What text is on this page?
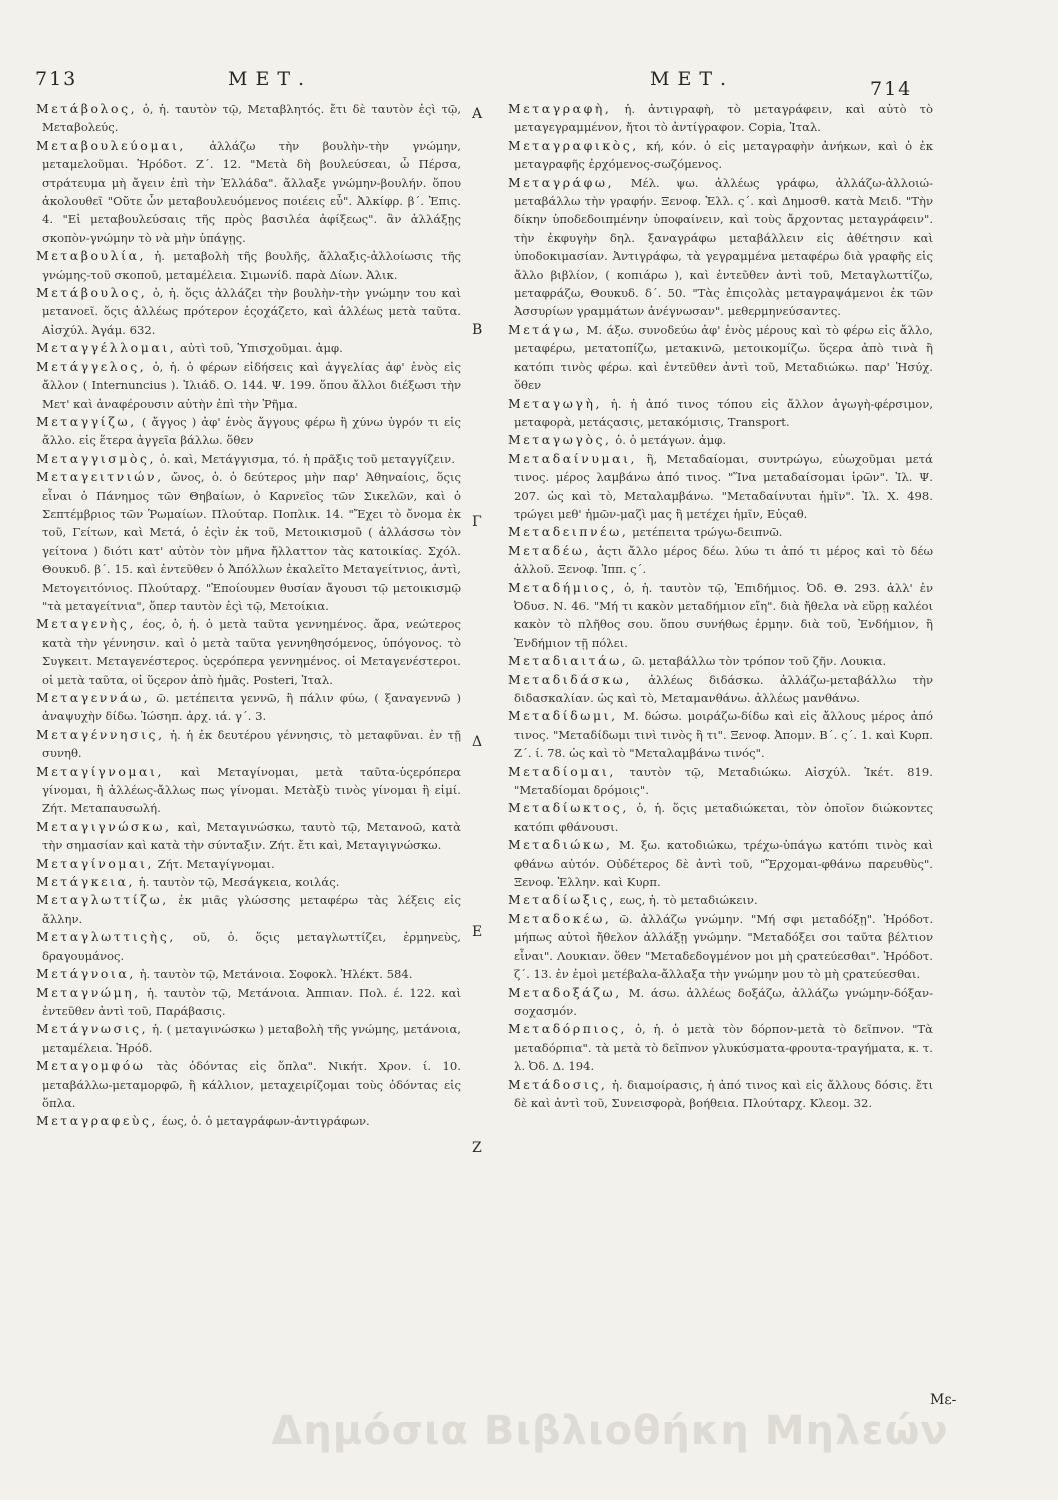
713	ΜΕΤ.	ΜΕΤ.	714

Μετάβολος, ὁ, ἡ. ταυτὸν τῷ, Μεταβλητός. ἔτι δὲ ταυτὸν ἐςὶ τῷ, Μεταβολεύς.

Μεταβουλεύομαι, ἀλλάζω τὴν βουλὴν-τὴν γνώμην, μεταμελοῦμαι. Ἡρόδοτ. Ζ΄. 12. "Μετὰ δὴ βουλεύσεαι, ὦ Πέρσα, στράτευμα μὴ ἄγειν ἐπὶ τὴν Ἑλλάδα". ἄλλαξε γνώμην-βουλήν. ὅπου ἀκολουθεῖ "Οὔτε ὧν μεταβουλευόμενος ποιέεις εὖ". Ἀλκίφρ. β΄. Ἐπις. 4. "Εἰ μεταβουλεύσαις τῆς πρὸς βασιλέα ἀφίξεως". ἂν ἀλλάξῃς σκοπὸν-γνώμην τὸ νὰ μὴν ὑπάγῃς.

Μεταβουλία, ἡ. μεταβολὴ τῆς βουλῆς, ἄλλαξις-ἀλλοίωσις τῆς γνώμης-τοῦ σκοποῦ, μεταμέλεια. Σιμωνίδ. παρὰ Δίων. Ἀλικ.

Μετάβουλος, ὁ, ἡ. ὅςις ἀλλάζει τὴν βουλὴν-τὴν γνώμην του καὶ μετανοεῖ. ὅςις ἀλλέως πρότερον ἐςοχάζετο, καὶ ἀλλέως μετὰ ταῦτα. Αἰσχύλ. Ἀγάμ. 632.

Μεταγγέλλομαι, αὐτὶ τοῦ, Ὑπισχοῦμαι. ἀμφ.

Μετάγγελος, ὁ, ἡ. ὁ φέρων εἰδήσεις καὶ ἀγγελίας ἀφ' ἑνὸς εἰς ἄλλον ( Internuncius ). Ἰλιάδ. Ο. 144. Ψ. 199. ὅπου ἄλλοι διέξωσι τὴν Μετ' καὶ ἀναφέρουσιν αὐτὴν ἐπὶ τὴν Ῥῆμα.

Μεταγγίζω, ( ἄγγος ) ἀφ' ἑνὸς ἄγγους φέρω ἢ χύνω ὑγρόν τι εἰς ἄλλο. εἰς ἕτερα ἀγγεῖα βάλλω. ὅθεν

Μεταγγισμὸς, ὁ. καὶ, Μετάγγισμα, τό. ἡ πρᾶξις τοῦ μεταγγίζειν.

Μεταγειτνιών, ὤνος, ὁ. ὁ δεύτερος μὴν παρ' Ἀθηναίοις, ὅςις εἶναι ὁ Πάνημος τῶν Θηβαίων, ὁ Καρνεῖος τῶν Σικελῶν, καὶ ὁ Σεπτέμβριος τῶν Ῥωμαίων. Πλούταρ. Ποπλικ. 14. "Ἔχει τὸ ὄνομα ἐκ τοῦ, Γείτων, καὶ Μετά, ὁ ἐςὶν ἐκ τοῦ, Μετοικισμοῦ ( ἀλλάσσω τὸν γείτονα ) διότι κατ' αὐτὸν τὸν μῆνα ἤλλαττον τὰς κατοικίας. Σχόλ. Θουκυδ. β΄. 15. καὶ ἐντεῦθεν ὁ Ἀπόλλων ἐκαλεῖτο Μεταγείτνιος, ἀντὶ, Μετογειτόνιος. Πλούταρχ. "Ἐποίουμεν θυσίαν ἄγουσι τῷ μετοικισμῷ "τὰ μεταγείτνια", ὅπερ ταυτὸν ἐςὶ τῷ, Μετοίκια.

Μεταγενὴς, έος, ὁ, ἡ. ὁ μετὰ ταῦτα γεννημένος. ἄρα, νεώτερος κατὰ τὴν γέννησιν. καὶ ὁ μετὰ ταῦτα γεννηθησόμενος, ὑπόγονος. τὸ Συγκειτ. Μεταγενέστερος. ὑςερόπερα γεννημένος. οἱ Μεταγενέστεροι. οἱ μετὰ ταῦτα, οἱ ὕςερον ἀπὸ ἡμᾶς. Posteri, Ἰταλ.

Μεταγεννάω, ῶ. μετέπειτα γεννῶ, ἢ πάλιν φύω, ( ξαναγεννῶ ) ἀναψυχὴν δίδω. Ἰώσηπ. ἀρχ. ιά. γ΄. 3.

Μεταγέννησις, ἡ. ἡ ἐκ δευτέρου γέννησις, τὸ μεταφῦναι. ἐν τῇ συνηθ.

Μεταγίγνομαι, καὶ Μεταγίνομαι, μετὰ ταῦτα-ὑςερόπερα γίνομαι, ἢ ἀλλέως-ἄλλως πως γίνομαι. Μετὰξὺ τινὸς γίνομαι ἢ εἰμί. Ζήτ. Μεταπαυσωλή.

Μεταγιγνώσκω, καὶ, Μεταγινώσκω, ταυτὸ τῷ, Μετανοῶ, κατὰ τὴν σημασίαν καὶ κατὰ τὴν σύνταξιν. Ζήτ. ἔτι καὶ, Μεταγιγνώσκω.

Μεταγίνομαι, Ζήτ. Μεταγίγνομαι.

Μετάγκεια, ἡ. ταυτὸν τῷ, Μεσάγκεια, κοιλάς.

Μεταγλωττίζω, ἐκ μιᾶς γλώσσης μεταφέρω τὰς λέξεις εἰς ἄλλην.

Μεταγλωττιςὴς, οῦ, ὁ. ὅςις μεταγλωττίζει, ἑρμηνεὺς, δραγουμάνος.

Μετάγνοια, ἡ. ταυτὸν τῷ, Μετάνοια. Σοφοκλ. Ἠλέκτ. 584.

Μεταγνώμη, ἡ. ταυτὸν τῷ, Μετάνοια. Ἀππιαν. Πολ. έ. 122. καὶ ἐντεῦθεν ἀντὶ τοῦ, Παράβασις.

Μετάγνωσις, ἡ. ( μεταγινώσκω ) μεταβολὴ τῆς γνώμης, μετάνοια, μεταμέλεια. Ἡρόδ.

Μεταγομφόω τὰς ὀδόντας εἰς ὅπλα". Νικήτ. Χρον. ί. 10. μεταβάλλω-μεταμορφῶ, ἢ κάλλιον, μεταχειρίζομαι τοὺς ὀδόντας εἰς ὅπλα.

Μεταγραφεὺς, έως, ὁ. ὁ μεταγράφων-ἀντιγράφων.

Α
Β
Γ
Δ
Ε
Ζ

Μεταγραφὴ, ἡ. ἀντιγραφὴ, τὸ μεταγράφειν, καὶ αὐτὸ τὸ μεταγεγραμμένον, ἤτοι τὸ ἀντίγραφον. Copia, Ἰταλ.

Μεταγραφικὸς, κή, κόν. ὁ εἰς μεταγραφὴν ἀνήκων, καὶ ὁ ἐκ μεταγραφῆς ἐρχόμενος-σωζόμενος.

Μεταγράφω, Μέλ. ψω. ἀλλέως γράφω, ἀλλάζω-ἀλλοιώ-μεταβάλλω τὴν γραφήν. Ξενοφ. Ἑλλ. ς΄. καὶ Δημοσθ. κατὰ Μειδ. "Τὴν δίκην ὑποδεδοιπμένην ὑποφαίνειν, καὶ τοὺς ἄρχοντας μεταγράφειν". τὴν ἐκφυγὴν δηλ. ξαναγράφω μεταβάλλειν εἰς ἀθέτησιν καὶ ὑποδοκιμασίαν. Ἀντιγράφω, τὰ γεγραμμένα μεταφέρω διὰ γραφῆς εἰς ἄλλο βιβλίον, ( κοπιάρω ), καὶ ἐντεῦθεν ἀντὶ τοῦ, Μεταγλωττίζω, μεταφράζω, Θουκυδ. δ΄. 50. "Τὰς ἐπιςολὰς μεταγραψάμενοι ἐκ τῶν Ἀσσυρίων γραμμάτων ἀνέγνωσαν". μεθερμηνεύσαντες.

Μετάγω, Μ. άξω. συνοδεύω ἀφ' ἑνὸς μέρους καὶ τὸ φέρω εἰς ἄλλο, μεταφέρω, μετατοπίζω, μετακινῶ, μετοικομίζω. ὕςερα ἀπὸ τινὰ ἢ κατόπι τινὸς φέρω. καὶ ἐντεῦθεν ἀντὶ τοῦ, Μεταδιώκω. παρ' Ἡσύχ. ὅθεν

Μεταγωγὴ, ἡ. ἡ ἀπό τινος τόπου εἰς ἄλλον ἀγωγὴ-φέρσιμον, μεταφορὰ, μετάςασις, μετακόμισις, Transport.

Μεταγωγὸς, ὁ. ὁ μετάγων. ἀμφ.

Μεταδαίνυμαι, ἢ, Μεταδαίομαι, συντρώγω, εὐωχοῦμαι μετά τινος. μέρος λαμβάνω ἀπό τινος. "Ἵνα μεταδαίσομαι ἱρῶν". Ἰλ. Ψ. 207. ὡς καὶ τὸ, Μεταλαμβάνω. "Μεταδαίνυται ἡμῖν". Ἰλ. Χ. 498. τρώγει μεθ' ἡμῶν-μαζὶ μας ἢ μετέχει ἡμῖν, Εὐςαθ.

Μεταδειπνέω, μετέπειτα τρώγω-δειπνῶ.

Μεταδέω, ἀςτι ἄλλο μέρος δέω. λύω τι ἀπό τι μέρος καὶ τὸ δέω ἀλλοῦ. Ξενοφ. Ἱππ. ς΄.

Μεταδήμιος, ὁ, ἡ. ταυτὸν τῷ, Ἐπιδήμιος. Ὀδ. Θ. 293. ἀλλ' ἐν Ὀδυσ. Ν. 46. "Μή τι κακὸν μεταδήμιον εἴη". διὰ ἤθελα νὰ εὕρῃ καλέοι κακὸν τὸ πλῆθος σου. ὅπου συνήθως ἑρμην. διὰ τοῦ, Ἐνδήμιον, ἢ Ἐνδήμιον τῇ πόλει.

Μεταδιαιτάω, ῶ. μεταβάλλω τὸν τρόπον τοῦ ζῆν. Λουκια.

Μεταδιδάσκω, ἀλλέως διδάσκω. ἀλλάζω-μεταβάλλω τὴν διδασκαλίαν. ὡς καὶ τὸ, Μεταμανθάνω. ἀλλέως μανθάνω.

Μεταδίδωμι, Μ. δώσω. μοιράζω-δίδω καὶ εἰς ἄλλους μέρος ἀπό τινος. "Μεταδίδωμι τινὶ τινὸς ἢ τι". Ξενοφ. Ἀπομν. Β΄. ς΄. 1. καὶ Κυρπ. Ζ΄. ί. 78. ὡς καὶ τὸ "Μεταλαμβάνω τινός".

Μεταδίομαι, ταυτὸν τῷ, Μεταδιώκω. Αἰσχύλ. Ἱκέτ. 819. "Μεταδίομαι δρόμοις".

Μεταδίωκτος, ὁ, ἡ. ὅςις μεταδιώκεται, τὸν ὁποῖον διώκοντες κατόπι φθάνουσι.

Μεταδιώκω, Μ. ξω. κατοδιώκω, τρέχω-ὑπάγω κατόπι τινὸς καὶ φθάνω αὐτόν. Οὐδέτερος δὲ ἀντὶ τοῦ, "Ἔρχομαι-φθάνω παρευθὺς". Ξενοφ. Ἑλλην. καὶ Κυρπ.

Μεταδίωξις, εως, ἡ. τὸ μεταδιώκειν.

Μεταδοκέω, ῶ. ἀλλάζω γνώμην. "Μή σφι μεταδόξῃ". Ἡρόδοτ. μήπως αὐτοὶ ἤθελον ἀλλάξῃ γνώμην. "Μεταδόξει σοι ταῦτα βέλτιον εἶναι". Λουκιαν. ὅθεν "Μεταδεδογμένον μοι μὴ ςρατεύεσθαι". Ἡρόδοτ. ζ΄. 13. ἐν ἐμοὶ μετέβαλα-ἄλλαξα τὴν γνώμην μου τὸ μὴ ςρατεύεσθαι.

Μεταδοξάζω, Μ. άσω. ἀλλέως δοξάζω, ἀλλάζω γνώμην-δόξαν-σοχασμόν.

Μεταδόρπιος, ὁ, ἡ. ὁ μετὰ τὸν δόρπον-μετὰ τὸ δεῖπνον. "Τὰ μεταδόρπια". τὰ μετὰ τὸ δεῖπνον γλυκύσματα-φρουτα-τραγήματα, κ. τ. λ. Ὀδ. Δ. 194.

Μετάδοσις, ἡ. διαμοίρασις, ἡ ἀπό τινος καὶ εἰς ἄλλους δόσις. ἔτι δὲ καὶ ἀντὶ τοῦ, Συνεισφορὰ, βοήθεια. Πλούταρχ. Κλεομ. 32.

Με-
Δημόσια Βιβλιοθήκη Μηλεών
